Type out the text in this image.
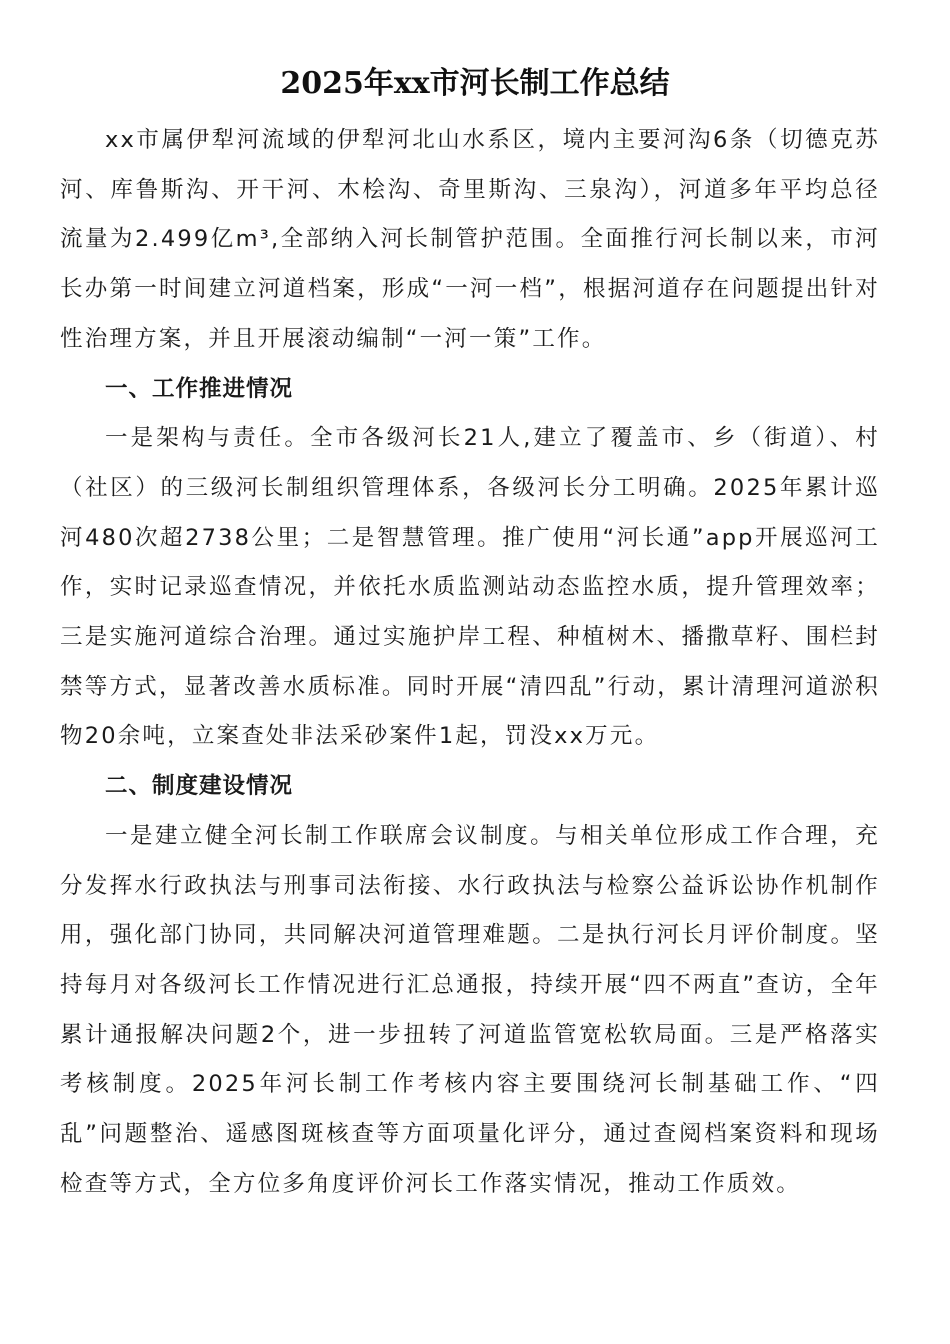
2025年xx市河长制工作总结

xx市属伊犁河流域的伊犁河北山水系区，境内主要河沟6条（切德克苏河、库鲁斯沟、开干河、木桧沟、奇里斯沟、三泉沟），河道多年平均总径流量为2.499亿m³,全部纳入河长制管护范围。全面推行河长制以来，市河长办第一时间建立河道档案，形成“一河一档”，根据河道存在问题提出针对性治理方案，并且开展滚动编制“一河一策”工作。

一、工作推进情况

一是架构与责任。全市各级河长21人,建立了覆盖市、乡（街道）、村（社区）的三级河长制组织管理体系，各级河长分工明确。2025年累计巡河480次超2738公里；二是智慧管理。推广使用“河长通”app开展巡河工作，实时记录巡查情况，并依托水质监测站动态监控水质，提升管理效率；三是实施河道综合治理。通过实施护岸工程、种植树木、播撒草籽、围栏封禁等方式，显著改善水质标准。同时开展“清四乱”行动，累计清理河道淤积物20余吨，立案查处非法采砂案件1起，罚没xx万元。

二、制度建设情况

一是建立健全河长制工作联席会议制度。与相关单位形成工作合理，充分发挥水行政执法与刑事司法衔接、水行政执法与检察公益诉讼协作机制作用，强化部门协同，共同解决河道管理难题。二是执行河长月评价制度。坚持每月对各级河长工作情况进行汇总通报，持续开展“四不两直”查访，全年累计通报解决问题2个，进一步扭转了河道监管宽松软局面。三是严格落实考核制度。2025年河长制工作考核内容主要围绕河长制基础工作、“四乱”问题整治、遥感图斑核查等方面项量化评分，通过查阅档案资料和现场检查等方式，全方位多角度评价河长工作落实情况，推动工作质效。
